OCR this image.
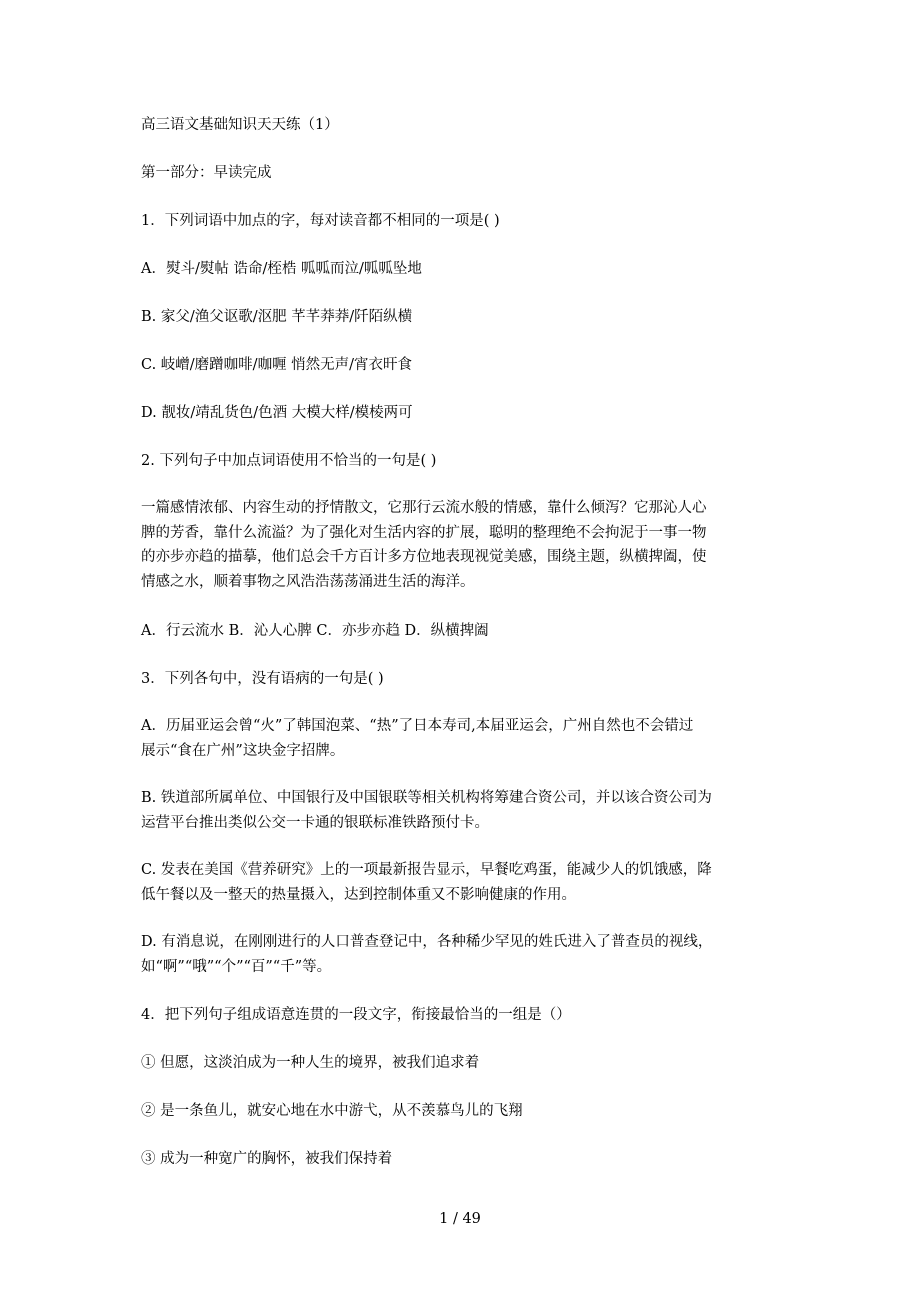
高三语文基础知识天天练（1）
第一部分：早读完成
1．下列词语中加点的字，每对读音都不相同的一项是( )
A．熨斗/熨帖 诰命/桎梏 呱呱而泣/呱呱坠地
B. 家父/渔父讴歌/沤肥 芊芊莽莽/阡陌纵横
C. 岐嶒/磨蹭咖啡/咖喱 悄然无声/宵衣旰食
D. 靓妆/靖乱货色/色酒 大模大样/模棱两可
2. 下列句子中加点词语使用不恰当的一句是( )
一篇感情浓郁、内容生动的抒情散文，它那行云流水般的情感，靠什么倾泻？它那沁人心
脾的芳香，靠什么流溢？为了强化对生活内容的扩展，聪明的整理绝不会拘泥于一事一物
的亦步亦趋的描摹，他们总会千方百计多方位地表现视觉美感，围绕主题，纵横捭阖，使
情感之水，顺着事物之风浩浩荡荡涌进生活的海洋。
A．行云流水 B．沁人心脾 C．亦步亦趋 D．纵横捭阖
3．下列各句中，没有语病的一句是( )
A．历届亚运会曾“火”了韩国泡菜、“热”了日本寿司,本届亚运会，广州自然也不会错过
展示“食在广州”这块金字招牌。
B. 铁道部所属单位、中国银行及中国银联等相关机构将筹建合资公司，并以该合资公司为
运营平台推出类似公交一卡通的银联标准铁路预付卡。
C. 发表在美国《营养研究》上的一项最新报告显示，早餐吃鸡蛋，能减少人的饥饿感，降
低午餐以及一整天的热量摄入，达到控制体重又不影响健康的作用。
D. 有消息说，在刚刚进行的人口普查登记中，各种稀少罕见的姓氏进入了普查员的视线，
如“啊”“哦”“个”“百”“千”等。
4．把下列句子组成语意连贯的一段文字，衔接最恰当的一组是（）
① 但愿，这淡泊成为一种人生的境界，被我们追求着
② 是一条鱼儿，就安心地在水中游弋，从不羡慕鸟儿的飞翔
③ 成为一种宽广的胸怀，被我们保持着
1 / 49
